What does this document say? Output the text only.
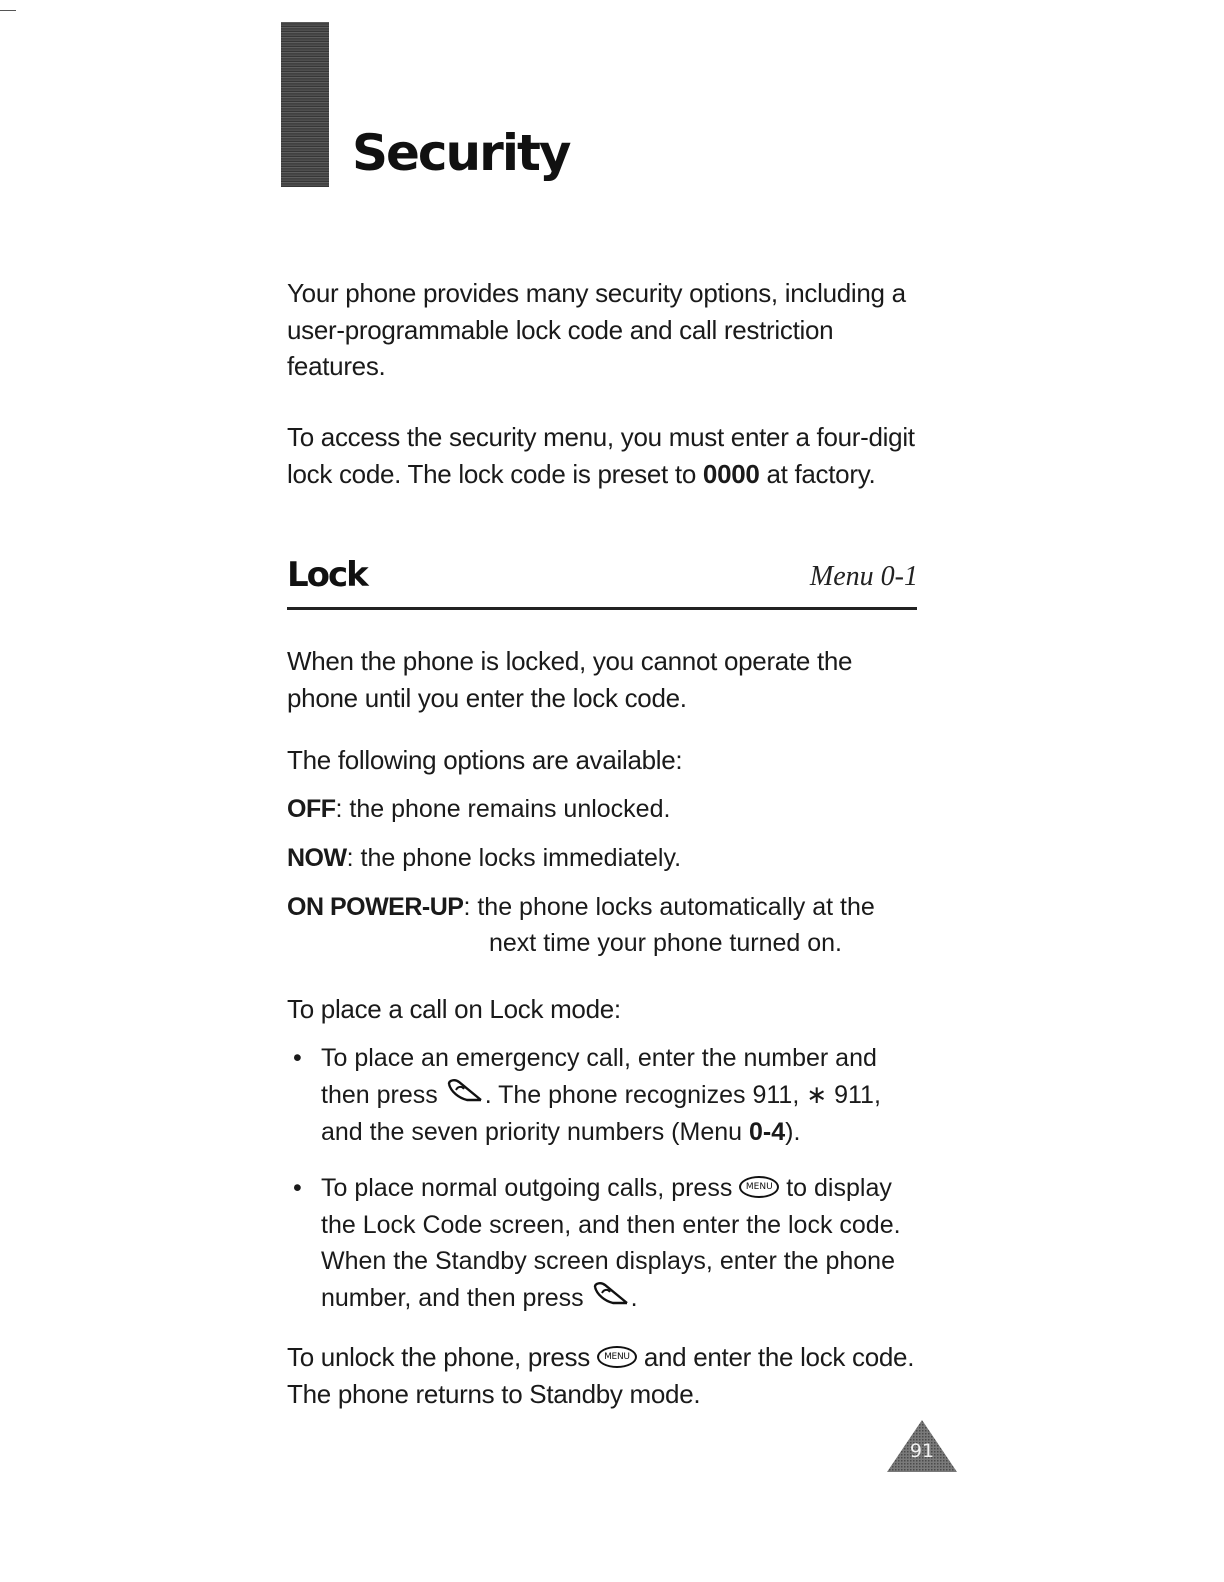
Security
Your phone provides many security options, including a user-programmable lock code and call restriction features.
To access the security menu, you must enter a four-digit lock code. The lock code is preset to 0000 at factory.
Lock	Menu 0-1
When the phone is locked, you cannot operate the phone until you enter the lock code.
The following options are available:
OFF: the phone remains unlocked.
NOW: the phone locks immediately.
ON POWER-UP: the phone locks automatically at the
next time your phone turned on.
To place a call on Lock mode:
• To place an emergency call, enter the number and
then press . The phone recognizes 911, ∗ 911,
and the seven priority numbers (Menu 0-4).
• To place normal outgoing calls, press MENU to display
the Lock Code screen, and then enter the lock code.
When the Standby screen displays, enter the phone
number, and then press .
To unlock the phone, press MENU and enter the lock code.
The phone returns to Standby mode.
91
